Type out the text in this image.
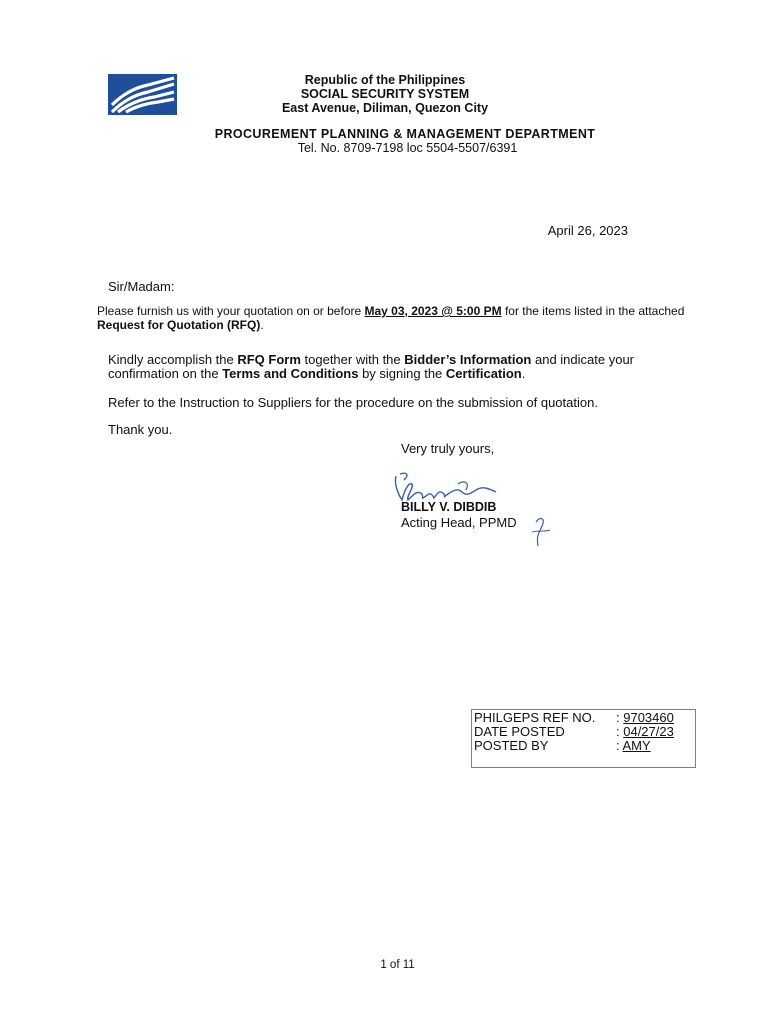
Republic of the Philippines
SOCIAL SECURITY SYSTEM
East Avenue, Diliman, Quezon City
PROCUREMENT PLANNING & MANAGEMENT DEPARTMENT
Tel. No. 8709-7198 loc 5504-5507/6391
April 26, 2023
Sir/Madam:
Please furnish us with your quotation on or before May 03, 2023 @ 5:00 PM for the items listed in the attached Request for Quotation (RFQ).
Kindly accomplish the RFQ Form together with the Bidder’s Information and indicate your confirmation on the Terms and Conditions by signing the Certification.
Refer to the Instruction to Suppliers for the procedure on the submission of quotation.
Thank you.
Very truly yours,
BILLY V. DIBDIB
Acting Head, PPMD
PHILGEPS REF NO. : 9703460
DATE POSTED	: 04/27/23
POSTED BY	: AMY
1 of 11
